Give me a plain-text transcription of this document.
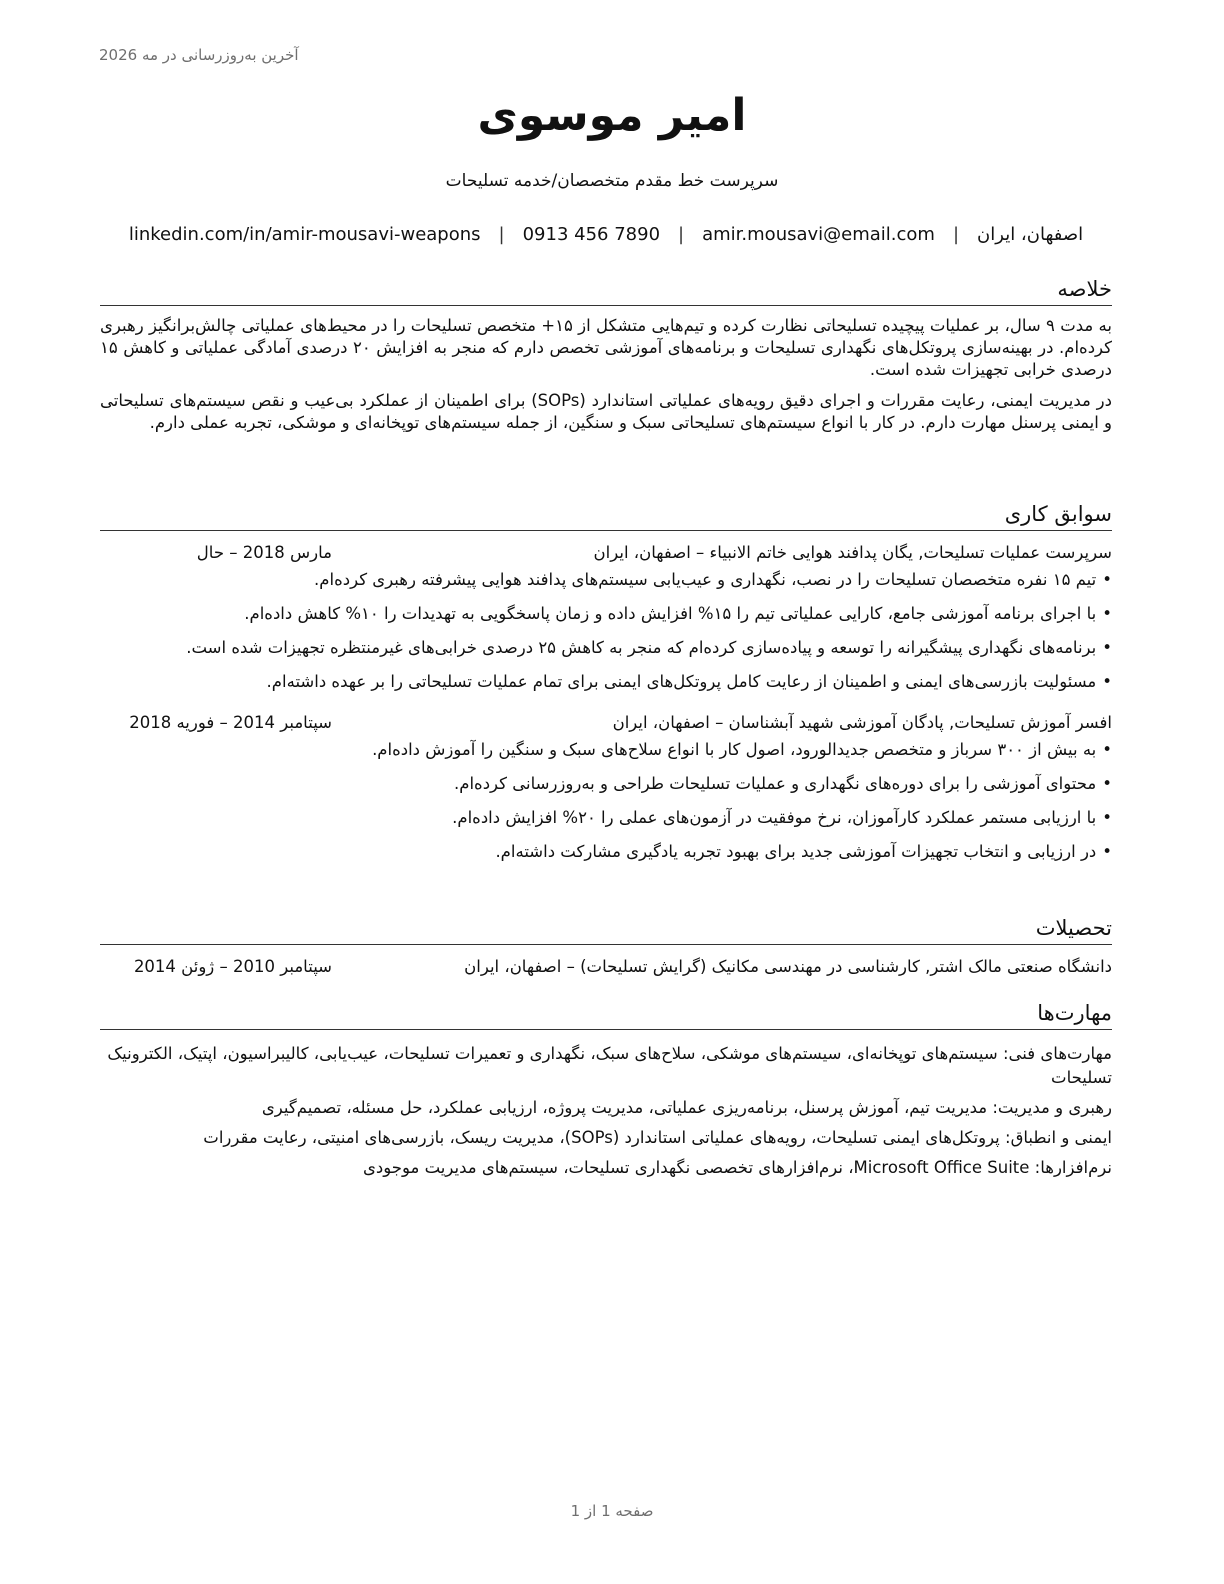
آخرین به‌روزرسانی در مه 2026
امیر موسوی
سرپرست خط مقدم متخصصان/خدمه تسلیحات
اصفهان، ایران
|
amir.mousavi@email.com
|
0913 456 7890
|
linkedin.com/in/amir-mousavi-weapons
خلاصه

به مدت ۹ سال، بر عملیات پیچیده تسلیحاتی نظارت کرده و تیم‌هایی متشکل از ۱۵+ متخصص تسلیحات را در محیط‌های عملیاتی چالش‌برانگیز رهبری کرده‌ام. در بهینه‌سازی پروتکل‌های نگهداری تسلیحات و برنامه‌های آموزشی تخصص دارم که منجر به افزایش ۲۰ درصدی آمادگی عملیاتی و کاهش ۱۵ درصدی خرابی تجهیزات شده است.

در مدیریت ایمنی، رعایت مقررات و اجرای دقیق رویه‌های عملیاتی استاندارد (SOPs) برای اطمینان از عملکرد بی‌عیب و نقص سیستم‌های تسلیحاتی و ایمنی پرسنل مهارت دارم. در کار با انواع سیستم‌های تسلیحاتی سبک و سنگین، از جمله سیستم‌های توپخانه‌ای و موشکی، تجربه عملی دارم.

سوابق کاری
سرپرست عملیات تسلیحات, یگان پدافند هوایی خاتم الانبیاء – اصفهان، ایران
مارس 2018 – حال
•تیم ۱۵ نفره متخصصان تسلیحات را در نصب، نگهداری و عیب‌یابی سیستم‌های پدافند هوایی پیشرفته رهبری کرده‌ام.
•با اجرای برنامه آموزشی جامع، کارایی عملیاتی تیم را ۱۵% افزایش داده و زمان پاسخگویی به تهدیدات را ۱۰% کاهش داده‌ام.
•برنامه‌های نگهداری پیشگیرانه را توسعه و پیاده‌سازی کرده‌ام که منجر به کاهش ۲۵ درصدی خرابی‌های غیرمنتظره تجهیزات شده است.
•مسئولیت بازرسی‌های ایمنی و اطمینان از رعایت کامل پروتکل‌های ایمنی برای تمام عملیات تسلیحاتی را بر عهده داشته‌ام.
افسر آموزش تسلیحات, پادگان آموزشی شهید آبشناسان – اصفهان، ایران
سپتامبر 2014 – فوریه 2018
•به بیش از ۳۰۰ سرباز و متخصص جدیدالورود، اصول کار با انواع سلاح‌های سبک و سنگین را آموزش داده‌ام.
•محتوای آموزشی را برای دوره‌های نگهداری و عملیات تسلیحات طراحی و به‌روزرسانی کرده‌ام.
•با ارزیابی مستمر عملکرد کارآموزان، نرخ موفقیت در آزمون‌های عملی را ۲۰% افزایش داده‌ام.
•در ارزیابی و انتخاب تجهیزات آموزشی جدید برای بهبود تجربه یادگیری مشارکت داشته‌ام.
تحصیلات
دانشگاه صنعتی مالک اشتر, کارشناسی در مهندسی مکانیک (گرایش تسلیحات) – اصفهان، ایران
سپتامبر 2010 – ژوئن 2014
مهارت‌ها

مهارت‌های فنی: سیستم‌های توپخانه‌ای، سیستم‌های موشکی، سلاح‌های سبک، نگهداری و تعمیرات تسلیحات، عیب‌یابی، کالیبراسیون، اپتیک، الکترونیک تسلیحات

رهبری و مدیریت: مدیریت تیم، آموزش پرسنل، برنامه‌ریزی عملیاتی، مدیریت پروژه، ارزیابی عملکرد، حل مسئله، تصمیم‌گیری

ایمنی و انطباق: پروتکل‌های ایمنی تسلیحات، رویه‌های عملیاتی استاندارد (SOPs)، مدیریت ریسک، بازرسی‌های امنیتی، رعایت مقررات

نرم‌افزارها: Microsoft Office Suite، نرم‌افزارهای تخصصی نگهداری تسلیحات، سیستم‌های مدیریت موجودی

صفحه 1 از 1
